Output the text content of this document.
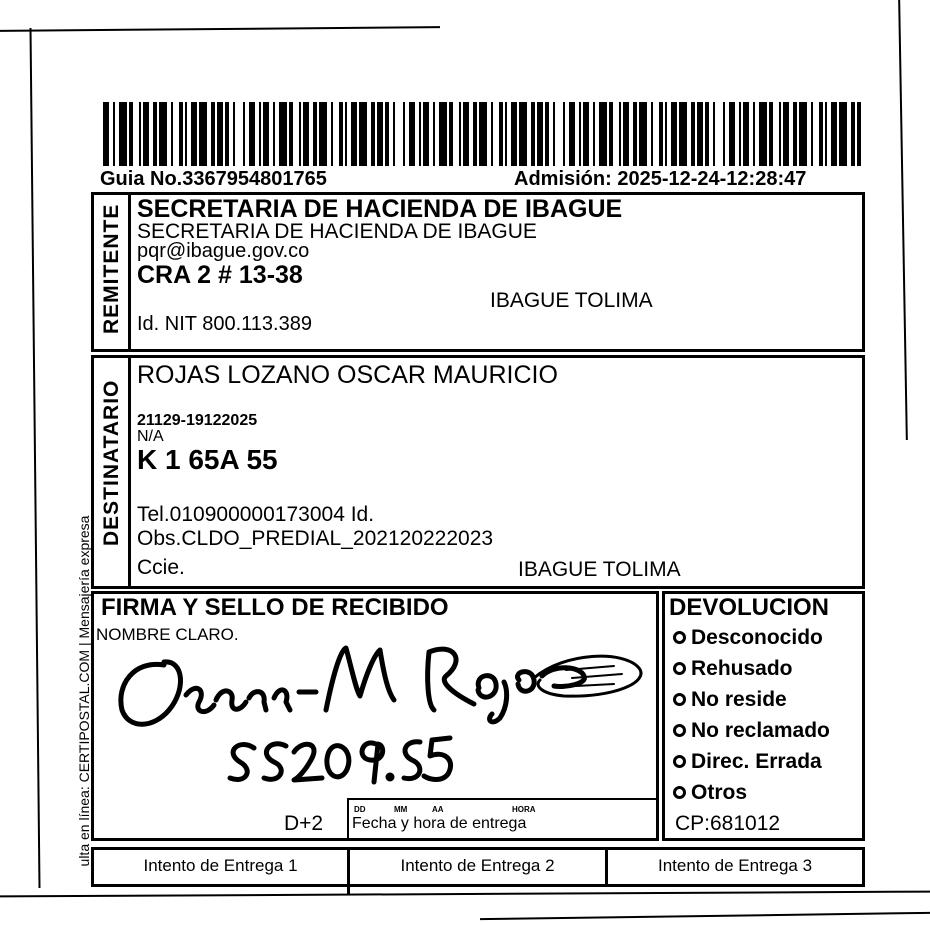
Guia No.3367954801765	Admisión: 2025-12-24-12:28:47
ulta en línea: CERTIPOSTAL.COM | Mensajería expresa
REMITENTE SECRETARIA DE HACIENDA DE IBAGUE
SECRETARIA DE HACIENDA DE IBAGUE
pqr@ibague.gov.co
CRA 2 # 13-38
IBAGUE TOLIMA
Id. NIT 800.113.389
DESTINATARIO
ROJAS LOZANO OSCAR MAURICIO
21129-19122025
N/A
K 1 65A 55
Tel.010900000173004 Id.
Obs.CLDO_PREDIAL_202120222023
Ccie.	IBAGUE TOLIMA
FIRMA Y SELLO DE RECIBIDO
NOMBRE CLARO.
D+2
DD	MM	AA	HORA
Fecha y hora de entrega
DEVOLUCION
Desconocido
Rehusado
No reside
No reclamado
Direc. Errada
Otros
CP:681012
Intento de Entrega 1	Intento de Entrega 2	Intento de Entrega 3
